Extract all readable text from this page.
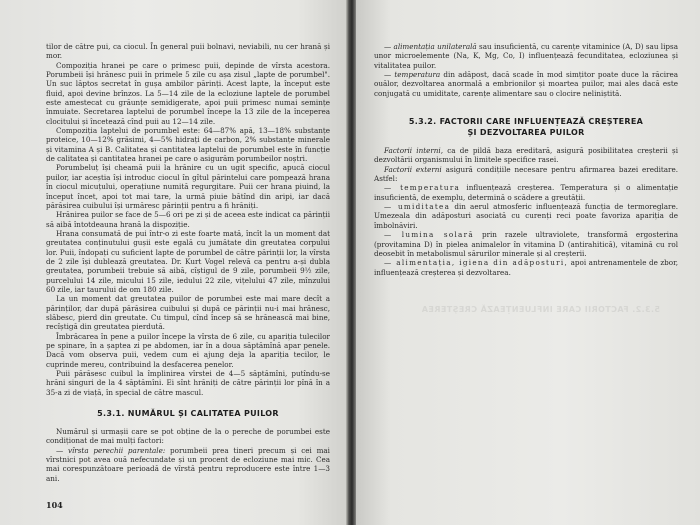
tilor de către pui, ca ciocul. În general puii bolnavi, neviabili, nu cer hrană și mor.

Compoziția hranei pe care o primesc puii, depinde de vîrsta acestora. Porumbeii își hrănesc puii în primele 5 zile cu așa zisul „lapte de porumbel". Un suc lăptos secretat în gușa ambilor părinți. Acest lapte, la început este fluid, apoi devine brînzos. La 5—14 zile de la ecloziune laptele de porumbel este amestecat cu grăunțe semidigerate, apoi puii primesc numai semințe înmuiate. Secretarea laptelui de porumbel începe la 13 zile de la începerea clocitului și încetează cînd puii au 12—14 zile.

Compoziția laptelui de porumbel este: 64—87% apă, 13—18% substanțe proteice, 10—12% grăsimi, 4—5% hidrați de carbon, 2% substanțe minerale și vitamina A și B. Calitatea și cantitatea laptelui de porumbel este în funcție de calitatea și cantitatea hranei pe care o asigurăm porumbeilor noștri.

Porumbeluț își cheamă puii la hrănire cu un ugit specific, apucă ciocul puilor, iar aceștia își introduc ciocul în gîtul părintelui care pompează hrana în ciocul micuțului, operațiune numită regurgitare. Puii cer hrana piuind, la început încet, apoi tot mai tare, la urmă piuie bătînd din aripi, iar dacă părăsirea cuibului își urmăresc părinții pentru a fi hrăniți.

Hrănirea puilor se face de 5—6 ori pe zi și de aceea este indicat ca părinții să aibă întotdeauna hrană la dispoziție.

Hrana consumată de pui într-o zi este foarte mată, încît la un moment dat greutatea conținutului gușii este egală cu jumătate din greutatea corpului lor. Puii, îndopați cu suficient lapte de porumbel de către părinții lor, la vîrsta de 2 zile își dublează greutatea. Dr. Kurt Vogel relevă ca pentru a-și dubla greutatea, porumbeii trebuie să aibă, cîștigul de 9 zile, porumbeii 9½ zile, purcelului 14 zile, micului 15 zile, iedului 22 zile, vițelului 47 zile, mînzului 60 zile, iar taurului de om 180 zile.

La un moment dat greutatea puilor de porumbei este mai mare decît a părinților, dar după părăsirea cuibului și după ce părinții nu-i mai hrănesc, slăbesc, pierd din greutate. Cu timpul, cînd încep să se hrănească mai bine, recîștigă din greutatea pierdută.

Îmbrăcarea în pene a puilor începe la vîrsta de 6 zile, cu apariția tulecilor pe spinare, în a șaptea zi pe abdomen, iar în a doua săptămînă apar penele. Dacă vom observa puii, vedem cum ei ajung deja la apariția tecilor, le cuprinde mereu, contribuind la desfacerea penelor.

Puii părăsesc cuibul la împlinirea vîrstei de 4—5 săptămîni, putîndu-se hrăni singuri de la 4 săptămîni. Ei sînt hrăniți de către părinții lor pînă în a 35-a zi de viață, în special de către mascul.

5.3.1. NUMĂRUL ȘI CALITATEA PUILOR

Numărul și urmașii care se pot obține de la o pereche de porumbei este condiționat de mai mulți factori:

— vîrsta perechii parentale: porumbeii prea tineri precum și cei mai vîrstnici pot avea ouă nefecundate și un procent de ecloziune mai mic. Cea mai corespunzătoare perioadă de vîrstă pentru reproducere este între 1—3 ani.

104

— alimentația unilaterală sau insuficientă, cu carențe vitaminice (A, D) sau lipsa unor microelemente (Na, K, Mg, Co, I) influențează fecunditatea, ecloziunea și vitalitatea puilor.

— temperatura din adăpost, dacă scade în mod simțitor poate duce la răcirea ouălor, dezvoltarea anormală a embrionilor și moartea puilor, mai ales dacă este conjugată cu umiditate, carențe alimentare sau o clocire neliniștită.

5.3.2. FACTORII CARE INFLUENȚEAZĂ CREȘTEREA
ȘI DEZVOLTAREA PUILOR

Factorii interni, ca de pildă baza ereditară, asigură posibilitatea creșterii și dezvoltării organismului în limitele specifice rasei.

Factorii externi asigură condițiile necesare pentru afirmarea bazei ereditare. Astfel:

— temperatura influențează creșterea. Temperatura și o alimentație insuficientă, de exemplu, determină o scădere a greutății.

— umiditatea din aerul atmosferic influențează funcția de termoreglare. Umezeala din adăposturi asociată cu curenți reci poate favoriza apariția de îmbolnăviri.

— lumina solară prin razele ultraviolete, transformă ergosterina (provitamina D) în pielea animalelor în vitamina D (antirahitică), vitamină cu rol deosebit în metabolismul sărurilor minerale și al creșterii.

— alimentația, igiena din adăposturi, apoi antrenamentele de zbor, influențează creșterea și dezvoltarea.

5.3.2. FACTORII CARE INFLUENȚEAZĂ CREȘTEREA
